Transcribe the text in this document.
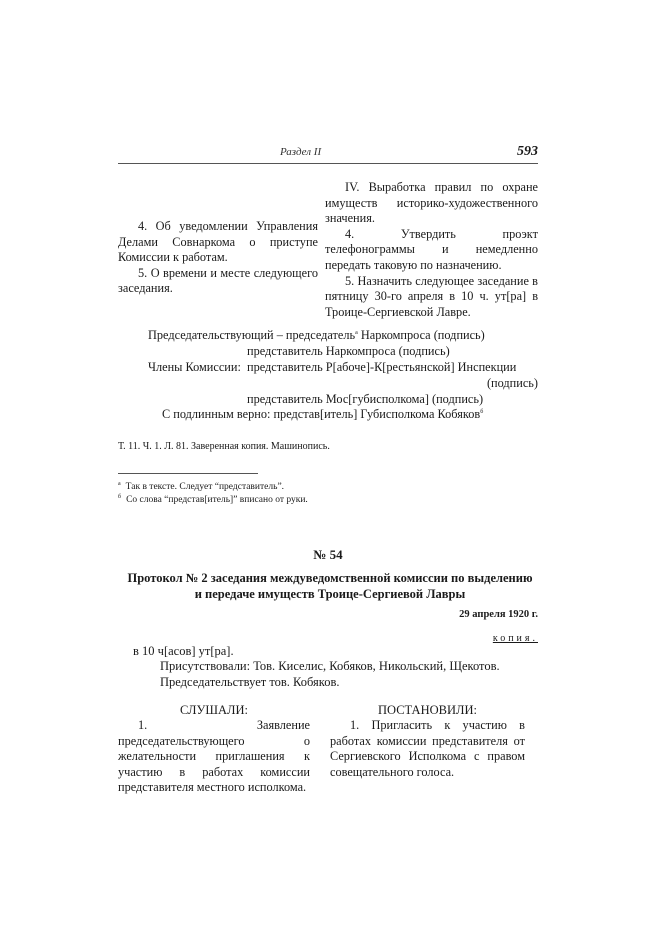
Раздел II	593

4. Об уведомлении Управления Делами Совнаркома о приступе Комиссии к работам.

5. О времени и месте следующего заседания.

IV. Выработка правил по охране имуществ историко-художественного значения.

4. Утвердить проэкт телефонограммы и немедленно передать таковую по назначению.

5. Назначить следующее заседание в пятницу 30-го апреля в 10 ч. ут[ра] в Троице-Сергиевской Лавре.

Председательствующий – председатель$^а$ Наркомпроса (подпись)
представитель Наркомпроса (подпись)
Члены Комиссии: представитель Р[абоче]-К[рестьянской] Инспекции
(подпись)
представитель Мос[губисполкома] (подпись)
С подлинным верно: представ[итель] Губисполкома Кобяков$^б$
Т. 11. Ч. 1. Л. 81. Заверенная копия. Машинопись.
$^а$ Так в тексте. Следует “представитель”.
$^б$ Со слова “представ[итель]” вписано от руки.
№ 54
Протокол № 2 заседания междуведомственной комиссии по выделению
и передаче имуществ Троице-Сергиевой Лавры
29 апреля 1920 г.
копия.
в 10 ч[асов] ут[ра].
Присутствовали: Тов. Киселис, Кобяков, Никольский, Щекотов.
Председательствует тов. Кобяков.
СЛУШАЛИ:

1. Заявление председательствующего о желательности приглашения к участию в работах комиссии представителя местного исполкома.

ПОСТАНОВИЛИ:

1. Пригласить к участию в работах комиссии представителя от Сергиевского Исполкома с правом совещательного голоса.
